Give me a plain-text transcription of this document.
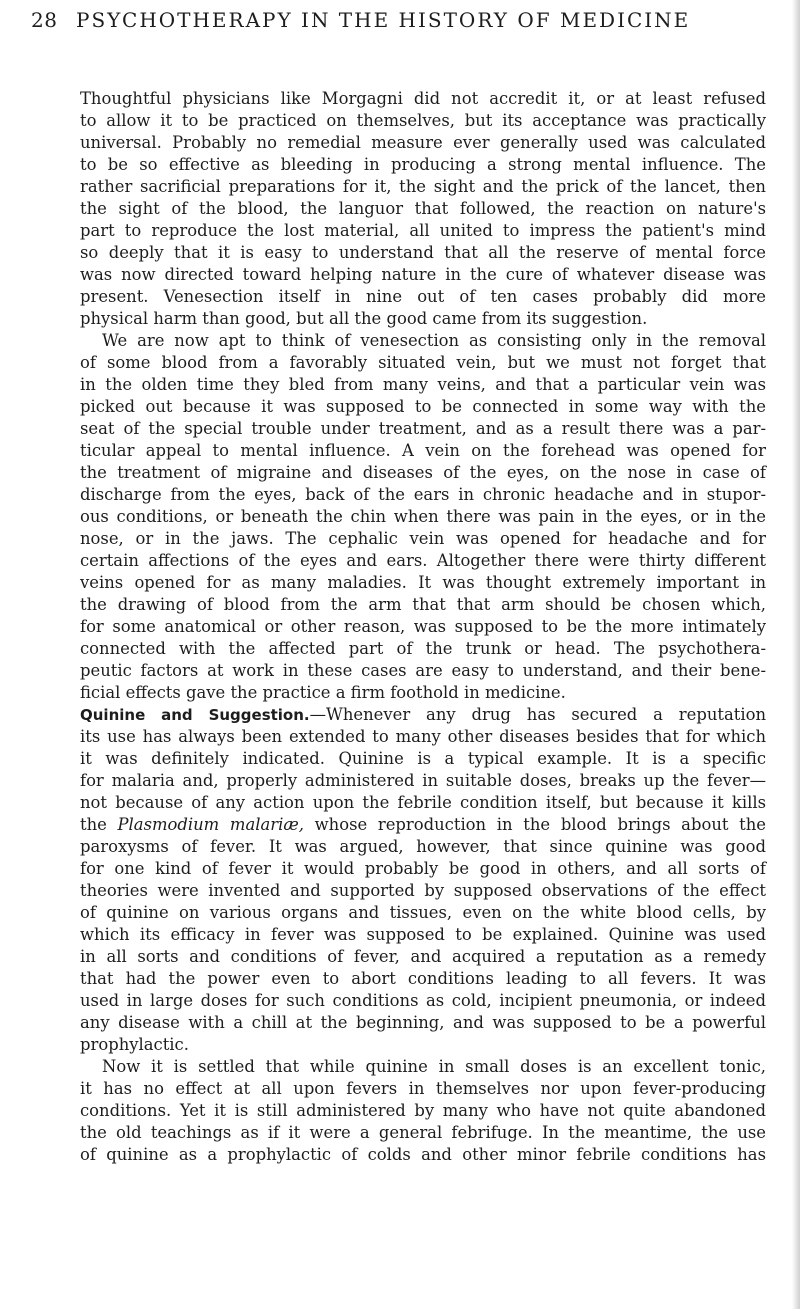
28 PSYCHOTHERAPY IN THE HISTORY OF MEDICINE
Thoughtful physicians like Morgagni did not accredit it, or at least refused
to allow it to be practiced on themselves, but its acceptance was practically
universal. Probably no remedial measure ever generally used was calculated
to be so effective as bleeding in producing a strong mental influence. The
rather sacrificial preparations for it, the sight and the prick of the lancet, then
the sight of the blood, the languor that followed, the reaction on nature's
part to reproduce the lost material, all united to impress the patient's mind
so deeply that it is easy to understand that all the reserve of mental force
was now directed toward helping nature in the cure of whatever disease was
present. Venesection itself in nine out of ten cases probably did more
physical harm than good, but all the good came from its suggestion.
We are now apt to think of venesection as consisting only in the removal
of some blood from a favorably situated vein, but we must not forget that
in the olden time they bled from many veins, and that a particular vein was
picked out because it was supposed to be connected in some way with the
seat of the special trouble under treatment, and as a result there was a par-
ticular appeal to mental influence. A vein on the forehead was opened for
the treatment of migraine and diseases of the eyes, on the nose in case of
discharge from the eyes, back of the ears in chronic headache and in stupor-
ous conditions, or beneath the chin when there was pain in the eyes, or in the
nose, or in the jaws. The cephalic vein was opened for headache and for
certain affections of the eyes and ears. Altogether there were thirty different
veins opened for as many maladies. It was thought extremely important in
the drawing of blood from the arm that that arm should be chosen which,
for some anatomical or other reason, was supposed to be the more intimately
connected with the affected part of the trunk or head. The psychothera-
peutic factors at work in these cases are easy to understand, and their bene-
ficial effects gave the practice a firm foothold in medicine.
Quinine and Suggestion.—Whenever any drug has secured a reputation
its use has always been extended to many other diseases besides that for which
it was definitely indicated. Quinine is a typical example. It is a specific
for malaria and, properly administered in suitable doses, breaks up the fever—
not because of any action upon the febrile condition itself, but because it kills
the Plasmodium malariæ, whose reproduction in the blood brings about the
paroxysms of fever. It was argued, however, that since quinine was good
for one kind of fever it would probably be good in others, and all sorts of
theories were invented and supported by supposed observations of the effect
of quinine on various organs and tissues, even on the white blood cells, by
which its efficacy in fever was supposed to be explained. Quinine was used
in all sorts and conditions of fever, and acquired a reputation as a remedy
that had the power even to abort conditions leading to all fevers. It was
used in large doses for such conditions as cold, incipient pneumonia, or indeed
any disease with a chill at the beginning, and was supposed to be a powerful
prophylactic.
Now it is settled that while quinine in small doses is an excellent tonic,
it has no effect at all upon fevers in themselves nor upon fever-producing
conditions. Yet it is still administered by many who have not quite abandoned
the old teachings as if it were a general febrifuge. In the meantime, the use
of quinine as a prophylactic of colds and other minor febrile conditions has
